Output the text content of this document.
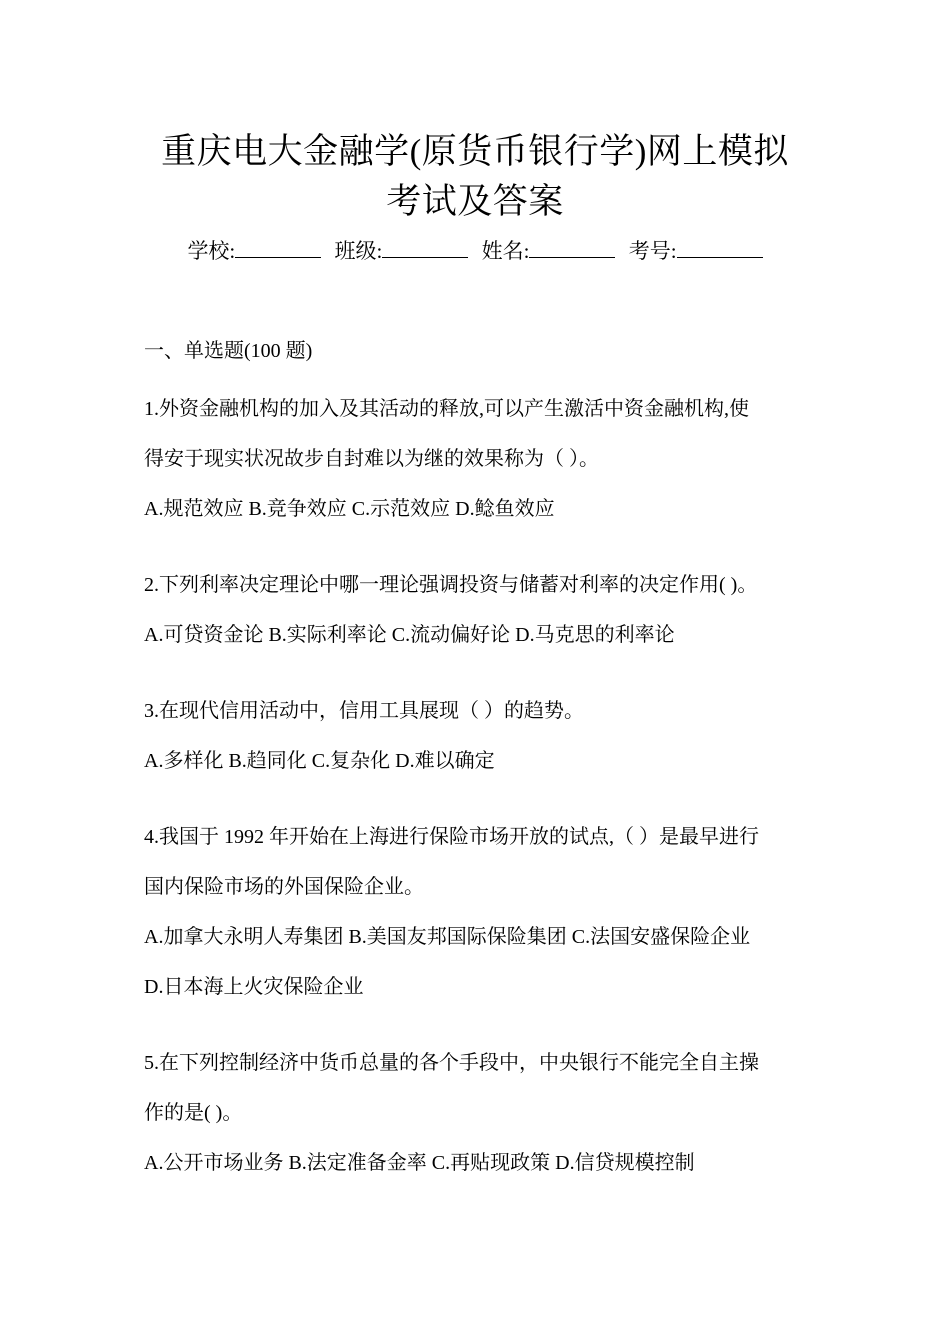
重庆电大金融学(原货币银行学)网上模拟
考试及答案
学校:	班级:	姓名:	考号:
一、单选题(100 题)
1.外资金融机构的加入及其活动的释放,可以产生激活中资金融机构,使
得安于现实状况故步自封难以为继的效果称为（ ）。
A.规范效应 B.竞争效应 C.示范效应 D.鲶鱼效应
2.下列利率决定理论中哪一理论强调投资与储蓄对利率的决定作用( )。
A.可贷资金论 B.实际利率论 C.流动偏好论 D.马克思的利率论
3.在现代信用活动中，信用工具展现（ ）的趋势。
A.多样化 B.趋同化 C.复杂化 D.难以确定
4.我国于 1992 年开始在上海进行保险市场开放的试点,（ ）是最早进行
国内保险市场的外国保险企业。
A.加拿大永明人寿集团 B.美国友邦国际保险集团 C.法国安盛保险企业
D.日本海上火灾保险企业
5.在下列控制经济中货币总量的各个手段中，中央银行不能完全自主操
作的是( )。
A.公开市场业务 B.法定准备金率 C.再贴现政策 D.信贷规模控制
